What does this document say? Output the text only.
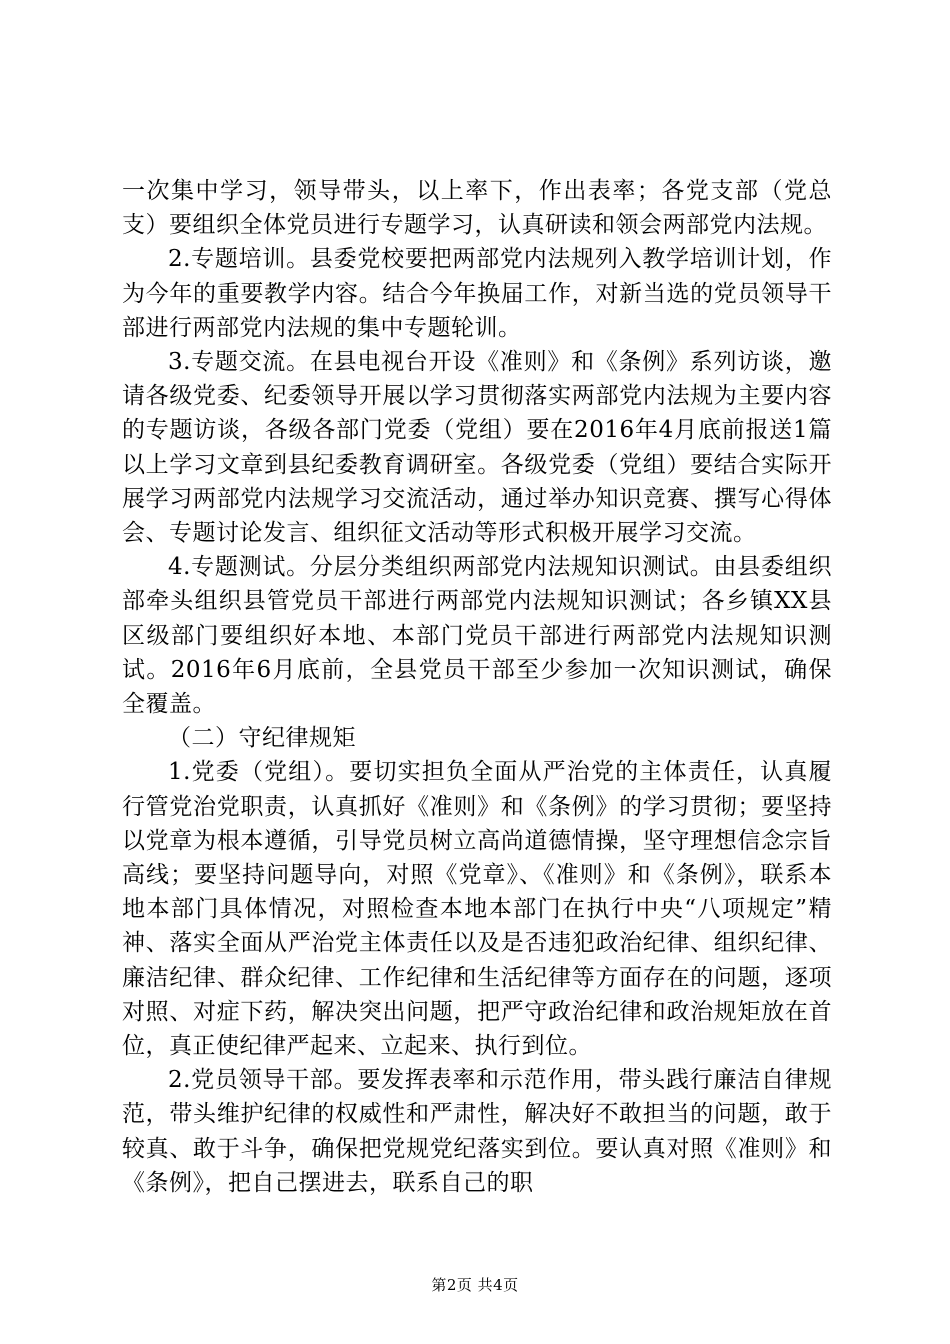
一次集中学习，领导带头，以上率下，作出表率；各党支部（党总支）要组织全体党员进行专题学习，认真研读和领会两部党内法规。

2.专题培训。县委党校要把两部党内法规列入教学培训计划，作为今年的重要教学内容。结合今年换届工作，对新当选的党员领导干部进行两部党内法规的集中专题轮训。

3.专题交流。在县电视台开设《准则》和《条例》系列访谈，邀请各级党委、纪委领导开展以学习贯彻落实两部党内法规为主要内容的专题访谈，各级各部门党委（党组）要在2016年4月底前报送1篇以上学习文章到县纪委教育调研室。各级党委（党组）要结合实际开展学习两部党内法规学习交流活动，通过举办知识竞赛、撰写心得体会、专题讨论发言、组织征文活动等形式积极开展学习交流。

4.专题测试。分层分类组织两部党内法规知识测试。由县委组织部牵头组织县管党员干部进行两部党内法规知识测试；各乡镇XX县区级部门要组织好本地、本部门党员干部进行两部党内法规知识测试。2016年6月底前，全县党员干部至少参加一次知识测试，确保全覆盖。

（二）守纪律规矩

1.党委（党组）。要切实担负全面从严治党的主体责任，认真履行管党治党职责，认真抓好《准则》和《条例》的学习贯彻；要坚持以党章为根本遵循，引导党员树立高尚道德情操，坚守理想信念宗旨高线；要坚持问题导向，对照《党章》、《准则》和《条例》，联系本地本部门具体情况，对照检查本地本部门在执行中央“八项规定”精神、落实全面从严治党主体责任以及是否违犯政治纪律、组织纪律、廉洁纪律、群众纪律、工作纪律和生活纪律等方面存在的问题，逐项对照、对症下药，解决突出问题，把严守政治纪律和政治规矩放在首位，真正使纪律严起来、立起来、执行到位。

2.党员领导干部。要发挥表率和示范作用，带头践行廉洁自律规范，带头维护纪律的权威性和严肃性，解决好不敢担当的问题，敢于较真、敢于斗争，确保把党规党纪落实到位。要认真对照《准则》和《条例》，把自己摆进去，联系自己的职

第2页 共4页
